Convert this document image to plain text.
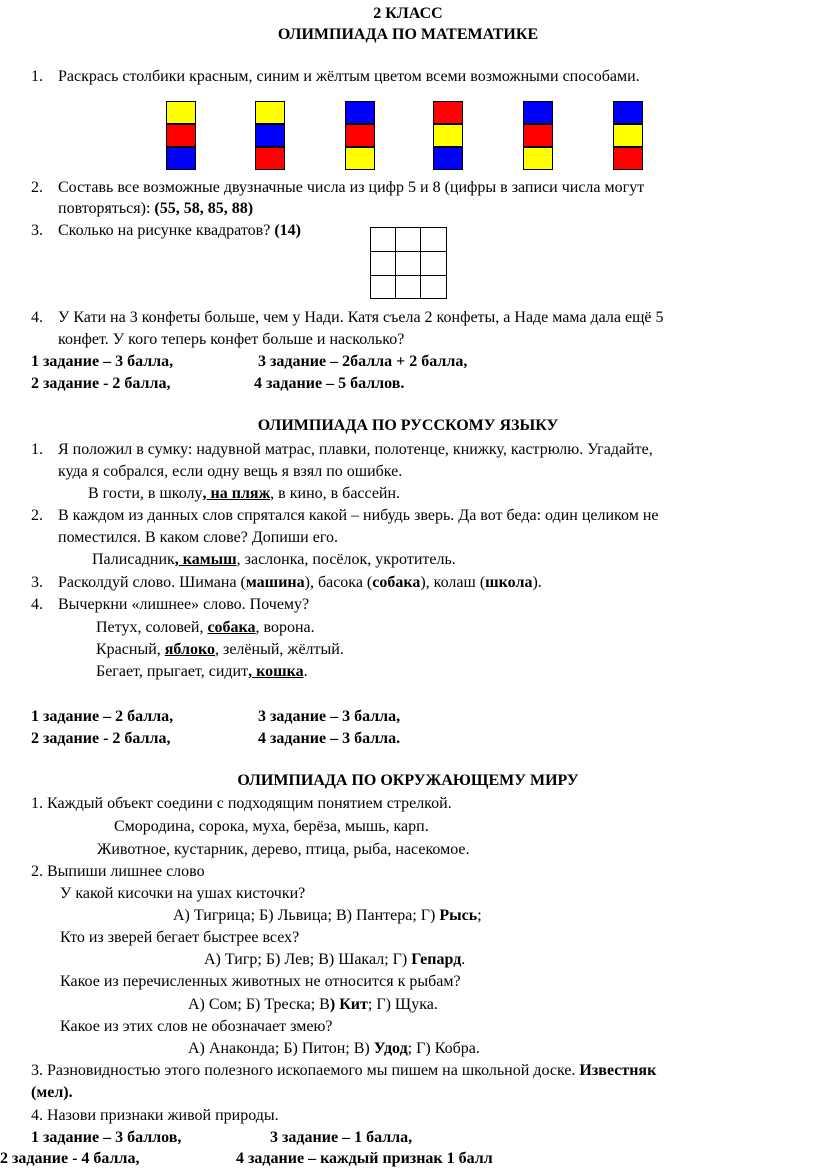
2 КЛАСС
ОЛИМПИАДА ПО МАТЕМАТИКЕ
1. Раскрась столбики красным, синим и жёлтым цветом всеми возможными способами.
2. Составь все возможные двузначные числа из цифр 5 и 8 (цифры в записи числа могут
повторяться): (55, 58, 85, 88)
3. Сколько на рисунке квадратов? (14)
4. У Кати на 3 конфеты больше, чем у Нади. Катя съела 2 конфеты, а Наде мама дала ещё 5
конфет. У кого теперь конфет больше и насколько?
1 задание – 3 балла,	3 задание – 2балла + 2 балла,
2 задание - 2 балла,	4 задание – 5 баллов.
ОЛИМПИАДА ПО РУССКОМУ ЯЗЫКУ
1. Я положил в сумку: надувной матрас, плавки, полотенце, книжку, кастрюлю. Угадайте,
куда я собрался, если одну вещь я взял по ошибке.
В гости, в школу, на пляж, в кино, в бассейн.
2. В каждом из данных слов спрятался какой – нибудь зверь. Да вот беда: один целиком не
поместился. В каком слове? Допиши его.
Палисадник, камыш, заслонка, посёлок, укротитель.
3. Расколдуй слово. Шимана (машина), басока (собака), колаш (школа).
4. Вычеркни «лишнее» слово. Почему?
Петух, соловей, собака, ворона.
Красный, яблоко, зелёный, жёлтый.
Бегает, прыгает, сидит, кошка.
1 задание – 2 балла,	3 задание – 3 балла,
2 задание - 2 балла,	4 задание – 3 балла.
ОЛИМПИАДА ПО ОКРУЖАЮЩЕМУ МИРУ
1. Каждый объект соедини с подходящим понятием стрелкой.
Смородина, сорока, муха, берёза, мышь, карп.
Животное, кустарник, дерево, птица, рыба, насекомое.
2. Выпиши лишнее слово
У какой кисочки на ушах кисточки?
А) Тигрица; Б) Львица; В) Пантера; Г) Рысь;
Кто из зверей бегает быстрее всех?
А) Тигр; Б) Лев; В) Шакал; Г) Гепард.
Какое из перечисленных животных не относится к рыбам?
А) Сом; Б) Треска; В) Кит; Г) Щука.
Какое из этих слов не обозначает змею?
А) Анаконда; Б) Питон; В) Удод; Г) Кобра.
3. Разновидностью этого полезного ископаемого мы пишем на школьной доске. Известняк
(мел).
4. Назови признаки живой природы.
1 задание – 3 баллов,	3 задание – 1 балла,
2 задание - 4 балла,	4 задание – каждый признак 1 балл
